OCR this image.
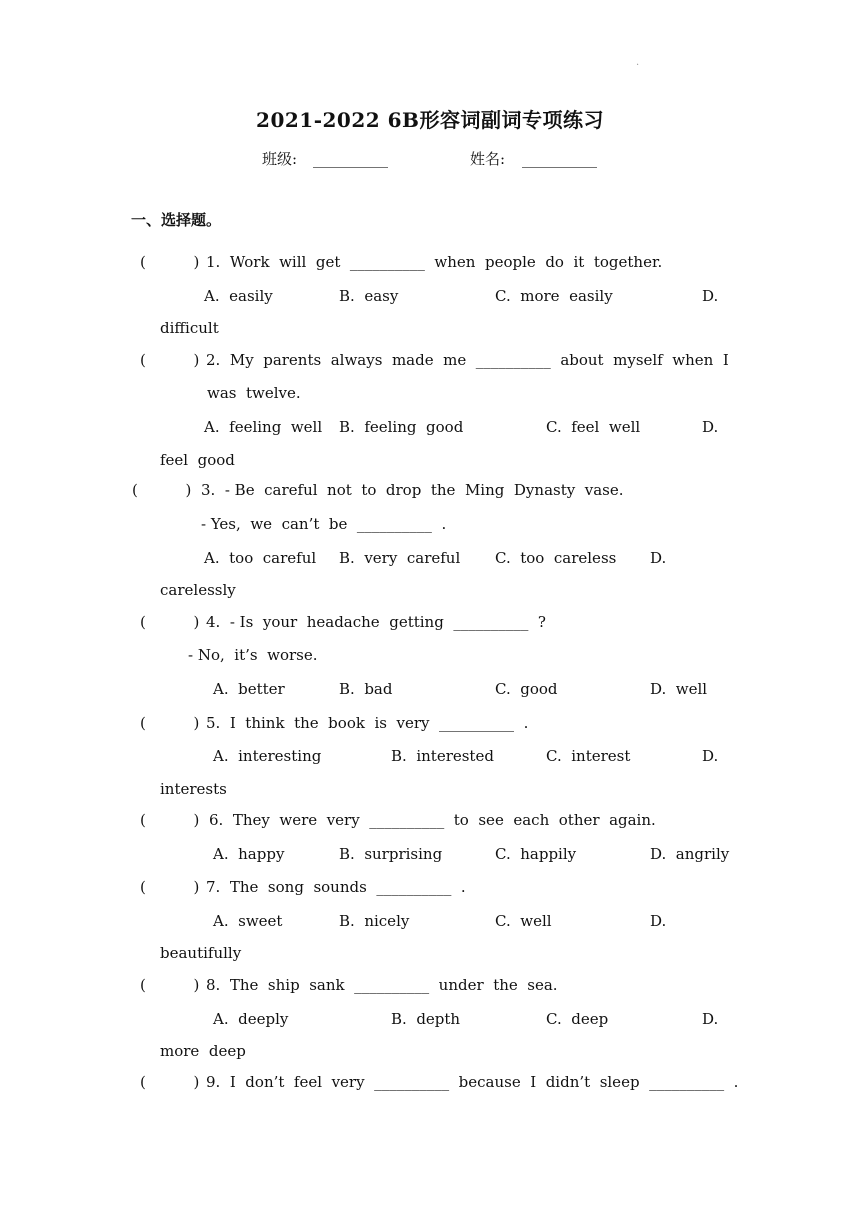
.
2021-2022 6B形容词副词专项练习
班级: __________	姓名: __________
一、选择题。
(          ) 1.  Work  will  get  __________  when  people  do  it  together.
A.  easily	B.  easy	C.  more  easily	D.
difficult
(          ) 2.  My  parents  always  made  me  __________  about  myself  when  I
was  twelve.
A.  feeling  well B.  feeling  good	C.  feel  well	D.
feel  good
(          ) 3.  - Be  careful  not  to  drop  the  Ming  Dynasty  vase.
- Yes,  we  can’t  be  __________  .
A.  too  careful B.  very  careful C.  too  careless D.
carelessly
(          ) 4.  - Is  your  headache  getting  __________  ?
- No,  it’s  worse.
A.  better	B.  bad	C.  good	D.  well
(          ) 5.  I  think  the  book  is  very  __________  .
A.  interesting	B.  interested	C.  interest	D.
interests
(          ) 6.  They  were  very  __________  to  see  each  other  again.
A.  happy	B.  surprising	C.  happily	D.  angrily
(          ) 7.  The  song  sounds  __________  .
A.  sweet	B.  nicely	C.  well	D.
beautifully
(          ) 8.  The  ship  sank  __________  under  the  sea.
A.  deeply	B.  depth	C.  deep	D.
more  deep
(          ) 9.  I  don’t  feel  very  __________  because  I  didn’t  sleep  __________  .
